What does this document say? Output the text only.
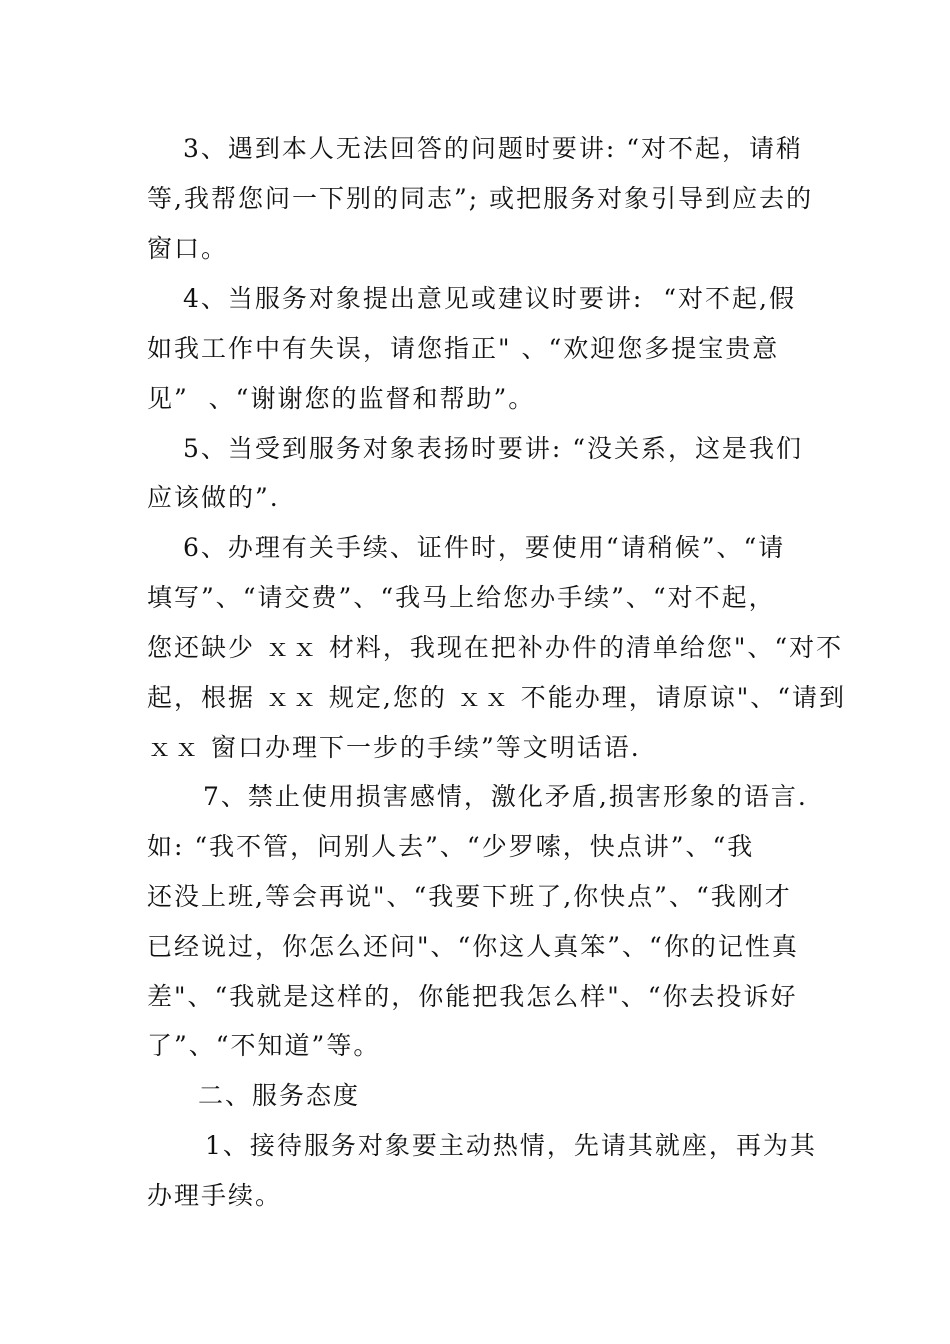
3、遇到本人无法回答的问题时要讲: “对不起，请稍

等,我帮您问一下别的同志”; 或把服务对象引导到应去的

窗口。

4、当服务对象提出意见或建议时要讲:  “对不起,假

如我工作中有失误，请您指正" 、“欢迎您多提宝贵意

见”  、“谢谢您的监督和帮助”。

5、当受到服务对象表扬时要讲: “没关系，这是我们

应该做的”.

6、办理有关手续、证件时，要使用“请稍候”、“请

填写”、“请交费”、“我马上给您办手续”、“对不起，

您还缺少 ｘｘ 材料，我现在把补办件的清单给您"、“对不

起，根据 ｘｘ 规定,您的 ｘｘ 不能办理，请原谅"、“请到

ｘｘ 窗口办理下一步的手续”等文明话语.

7、禁止使用损害感情，激化矛盾,损害形象的语言.

如: “我不管，问别人去”、“少罗嗦，快点讲”、“我

还没上班,等会再说"、“我要下班了,你快点”、“我刚才

已经说过，你怎么还问"、“你这人真笨”、“你的记性真

差"、“我就是这样的，你能把我怎么样"、“你去投诉好

了”、“不知道”等。

二、服务态度

1、接待服务对象要主动热情，先请其就座，再为其

办理手续。
